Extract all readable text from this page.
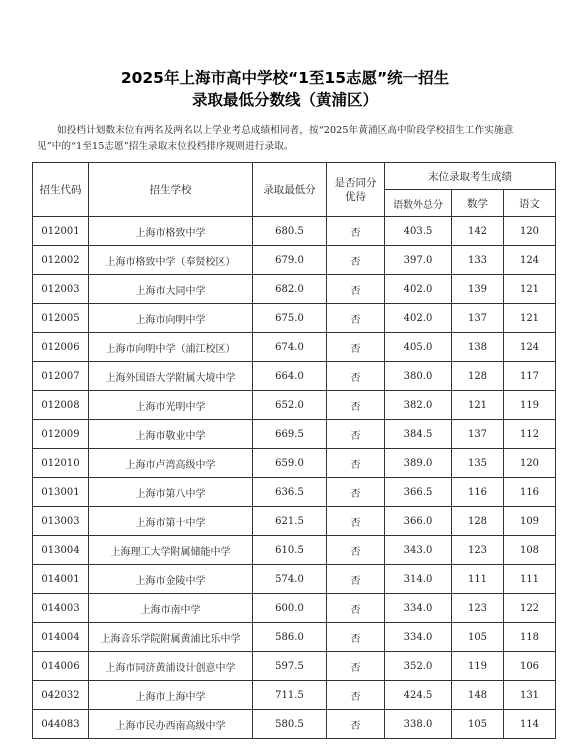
2025年上海市高中学校“1至15志愿”统一招生
录取最低分数线（黄浦区）
如投档计划数末位有两名及两名以上学业考总成绩相同者，按“2025年黄浦区高中阶段学校招生工作实施意见”中的“1至15志愿”招生录取末位投档排序规则进行录取。
招生代码	招生学校	录取最低分	是否同分优待	末位录取考生成绩		
				语数外总分	数学	语文
012001	上海市格致中学	680.5	否	403.5	142	120
012002	上海市格致中学（奉贤校区）	679.0	否	397.0	133	124
012003	上海市大同中学	682.0	否	402.0	139	121
012005	上海市向明中学	675.0	否	402.0	137	121
012006	上海市向明中学（浦江校区）	674.0	否	405.0	138	124
012007	上海外国语大学附属大境中学	664.0	否	380.0	128	117
012008	上海市光明中学	652.0	否	382.0	121	119
012009	上海市敬业中学	669.5	否	384.5	137	112
012010	上海市卢湾高级中学	659.0	否	389.0	135	120
013001	上海市第八中学	636.5	否	366.5	116	116
013003	上海市第十中学	621.5	否	366.0	128	109
013004	上海理工大学附属储能中学	610.5	否	343.0	123	108
014001	上海市金陵中学	574.0	否	314.0	111	111
014003	上海市南中学	600.0	否	334.0	123	122
014004	上海音乐学院附属黄浦比乐中学	586.0	否	334.0	105	118
014006	上海市同济黄浦设计创意中学	597.5	否	352.0	119	106
042032	上海市上海中学	711.5	否	424.5	148	131
044083	上海市民办西南高级中学	580.5	否	338.0	105	114
